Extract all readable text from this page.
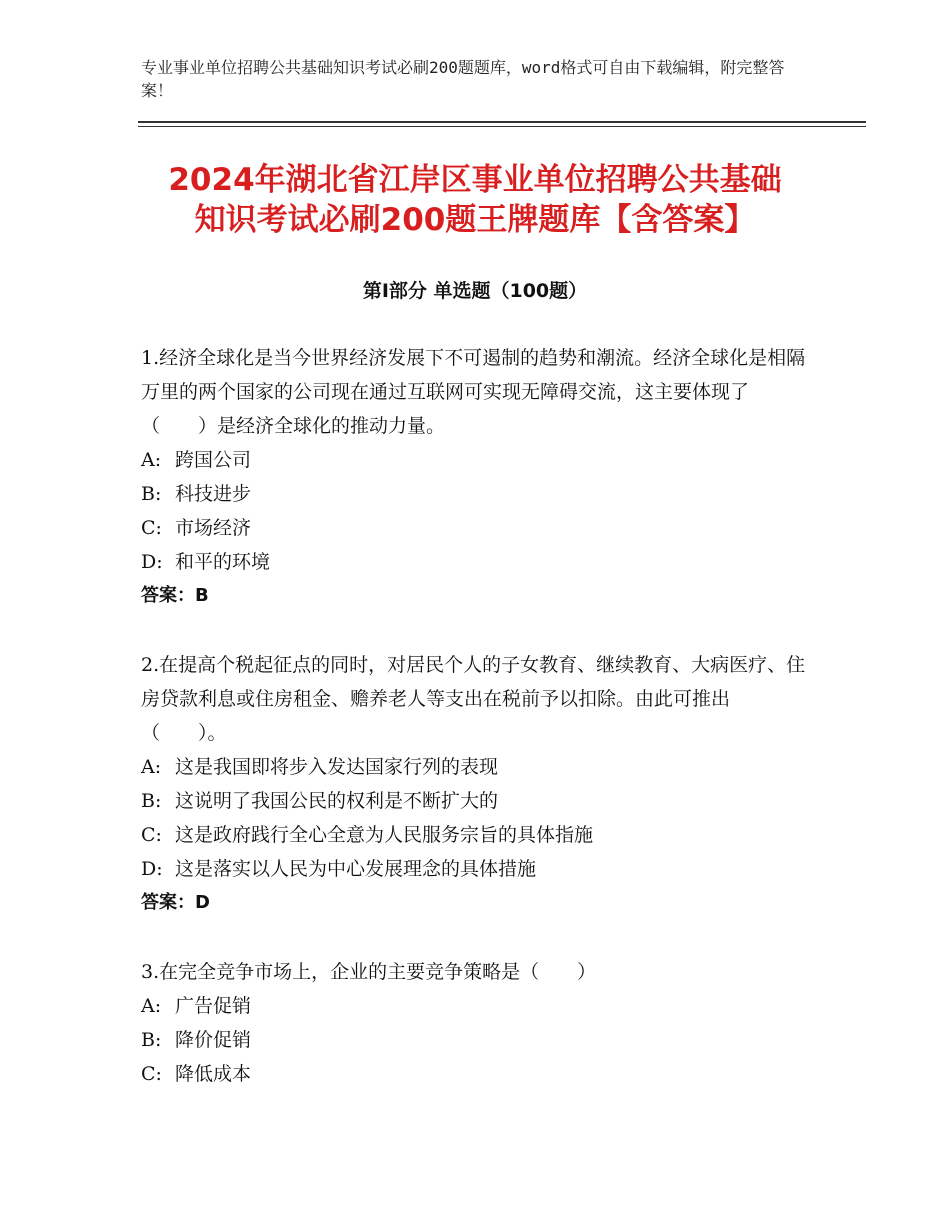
专业事业单位招聘公共基础知识考试必刷200题题库，word格式可自由下载编辑，附完整答案！
2024年湖北省江岸区事业单位招聘公共基础
知识考试必刷200题王牌题库【含答案】
第Ⅰ部分 单选题（100题）

1.经济全球化是当今世界经济发展下不可遏制的趋势和潮流。经济全球化是相隔万里的两个国家的公司现在通过互联网可实现无障碍交流，这主要体现了（　　）是经济全球化的推动力量。

A: 跨国公司

B: 科技进步

C: 市场经济

D: 和平的环境

答案：B

2.在提高个税起征点的同时，对居民个人的子女教育、继续教育、大病医疗、住房贷款利息或住房租金、赡养老人等支出在税前予以扣除。由此可推出（　　）。

A: 这是我国即将步入发达国家行列的表现

B: 这说明了我国公民的权利是不断扩大的

C: 这是政府践行全心全意为人民服务宗旨的具体指施

D: 这是落实以人民为中心发展理念的具体措施

答案：D

3.在完全竞争市场上，企业的主要竞争策略是（　　）

A: 广告促销

B: 降价促销

C: 降低成本
